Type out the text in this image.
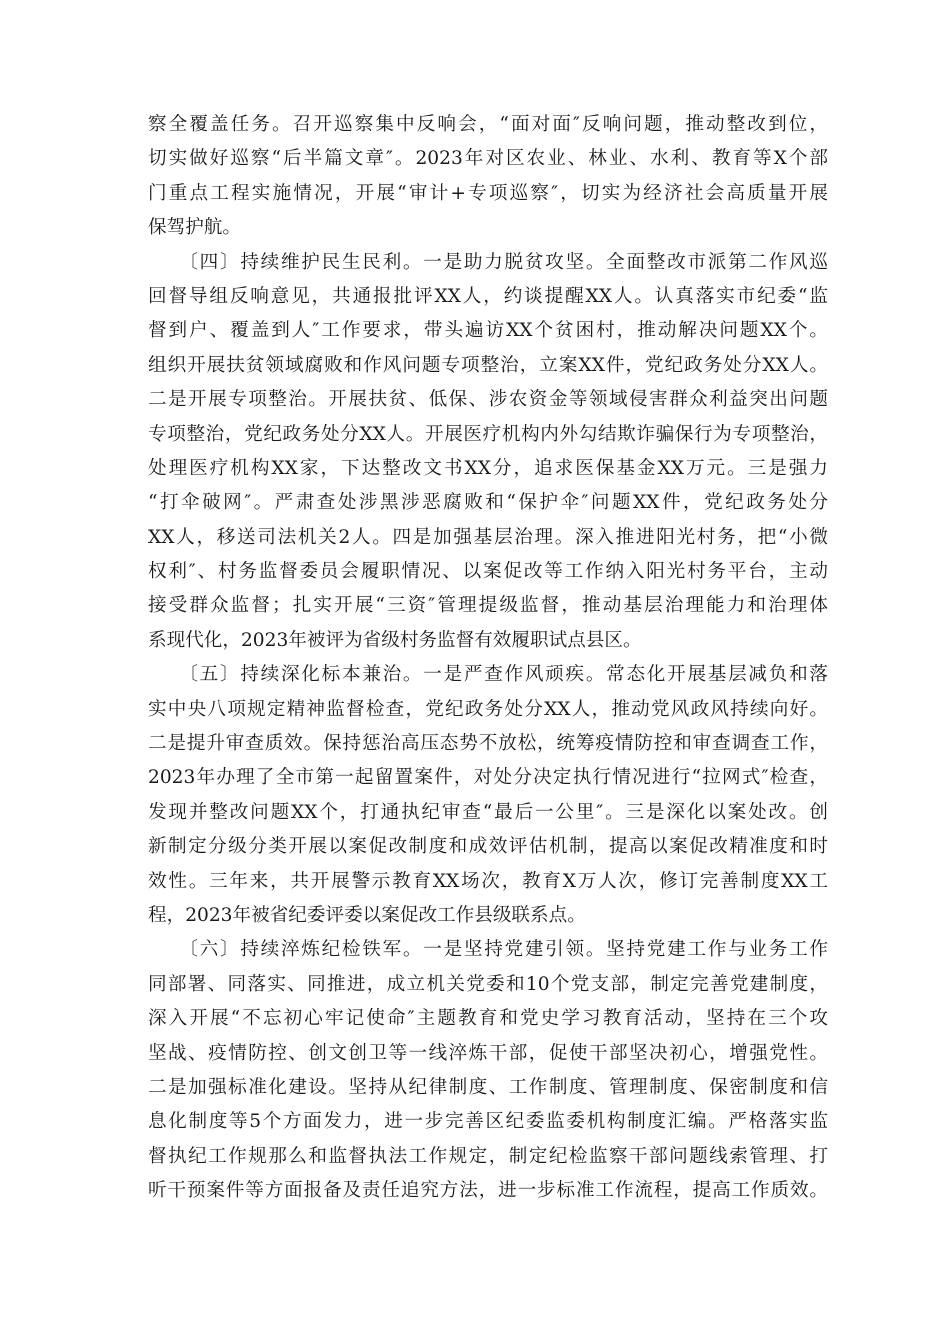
察全覆盖任务。召开巡察集中反响会，“面对面″反响问题，推动整改到位，
切实做好巡察“后半篇文章″。2023年对区农业、林业、水利、教育等X个部
门重点工程实施情况，开展“审计+专项巡察″，切实为经济社会高质量开展
保驾护航。
　　〔四〕持续维护民生民利。一是助力脱贫攻坚。全面整改市派第二作风巡
回督导组反响意见，共通报批评XX人，约谈提醒XX人。认真落实市纪委“监
督到户、覆盖到人″工作要求，带头遍访XX个贫困村，推动解决问题XX个。
组织开展扶贫领域腐败和作风问题专项整治，立案XX件，党纪政务处分XX人。
二是开展专项整治。开展扶贫、低保、涉农资金等领域侵害群众利益突出问题
专项整治，党纪政务处分XX人。开展医疗机构内外勾结欺诈骗保行为专项整治，
处理医疗机构XX家，下达整改文书XX分，追求医保基金XX万元。三是强力
“打伞破网″。严肃查处涉黑涉恶腐败和“保护伞″问题XX件，党纪政务处分
XX人，移送司法机关2人。四是加强基层治理。深入推进阳光村务，把“小微
权利″、村务监督委员会履职情况、以案促改等工作纳入阳光村务平台，主动
接受群众监督；扎实开展“三资″管理提级监督，推动基层治理能力和治理体
系现代化，2023年被评为省级村务监督有效履职试点县区。
　　〔五〕持续深化标本兼治。一是严查作风顽疾。常态化开展基层减负和落
实中央八项规定精神监督检查，党纪政务处分XX人，推动党风政风持续向好。
二是提升审查质效。保持惩治高压态势不放松，统筹疫情防控和审查调查工作，
2023年办理了全市第一起留置案件，对处分决定执行情况进行“拉网式″检查，
发现并整改问题XX个，打通执纪审查“最后一公里″。三是深化以案处改。创
新制定分级分类开展以案促改制度和成效评估机制，提高以案促改精准度和时
效性。三年来，共开展警示教育XX场次，教育X万人次，修订完善制度XX工
程，2023年被省纪委评委以案促改工作县级联系点。
　　〔六〕持续淬炼纪检铁军。一是坚持党建引领。坚持党建工作与业务工作
同部署、同落实、同推进，成立机关党委和10个党支部，制定完善党建制度，
深入开展“不忘初心牢记使命″主题教育和党史学习教育活动，坚持在三个攻
坚战、疫情防控、创文创卫等一线淬炼干部，促使干部坚决初心，增强党性。
二是加强标准化建设。坚持从纪律制度、工作制度、管理制度、保密制度和信
息化制度等5个方面发力，进一步完善区纪委监委机构制度汇编。严格落实监
督执纪工作规那么和监督执法工作规定，制定纪检监察干部问题线索管理、打
听干预案件等方面报备及责任追究方法，进一步标准工作流程，提高工作质效。
